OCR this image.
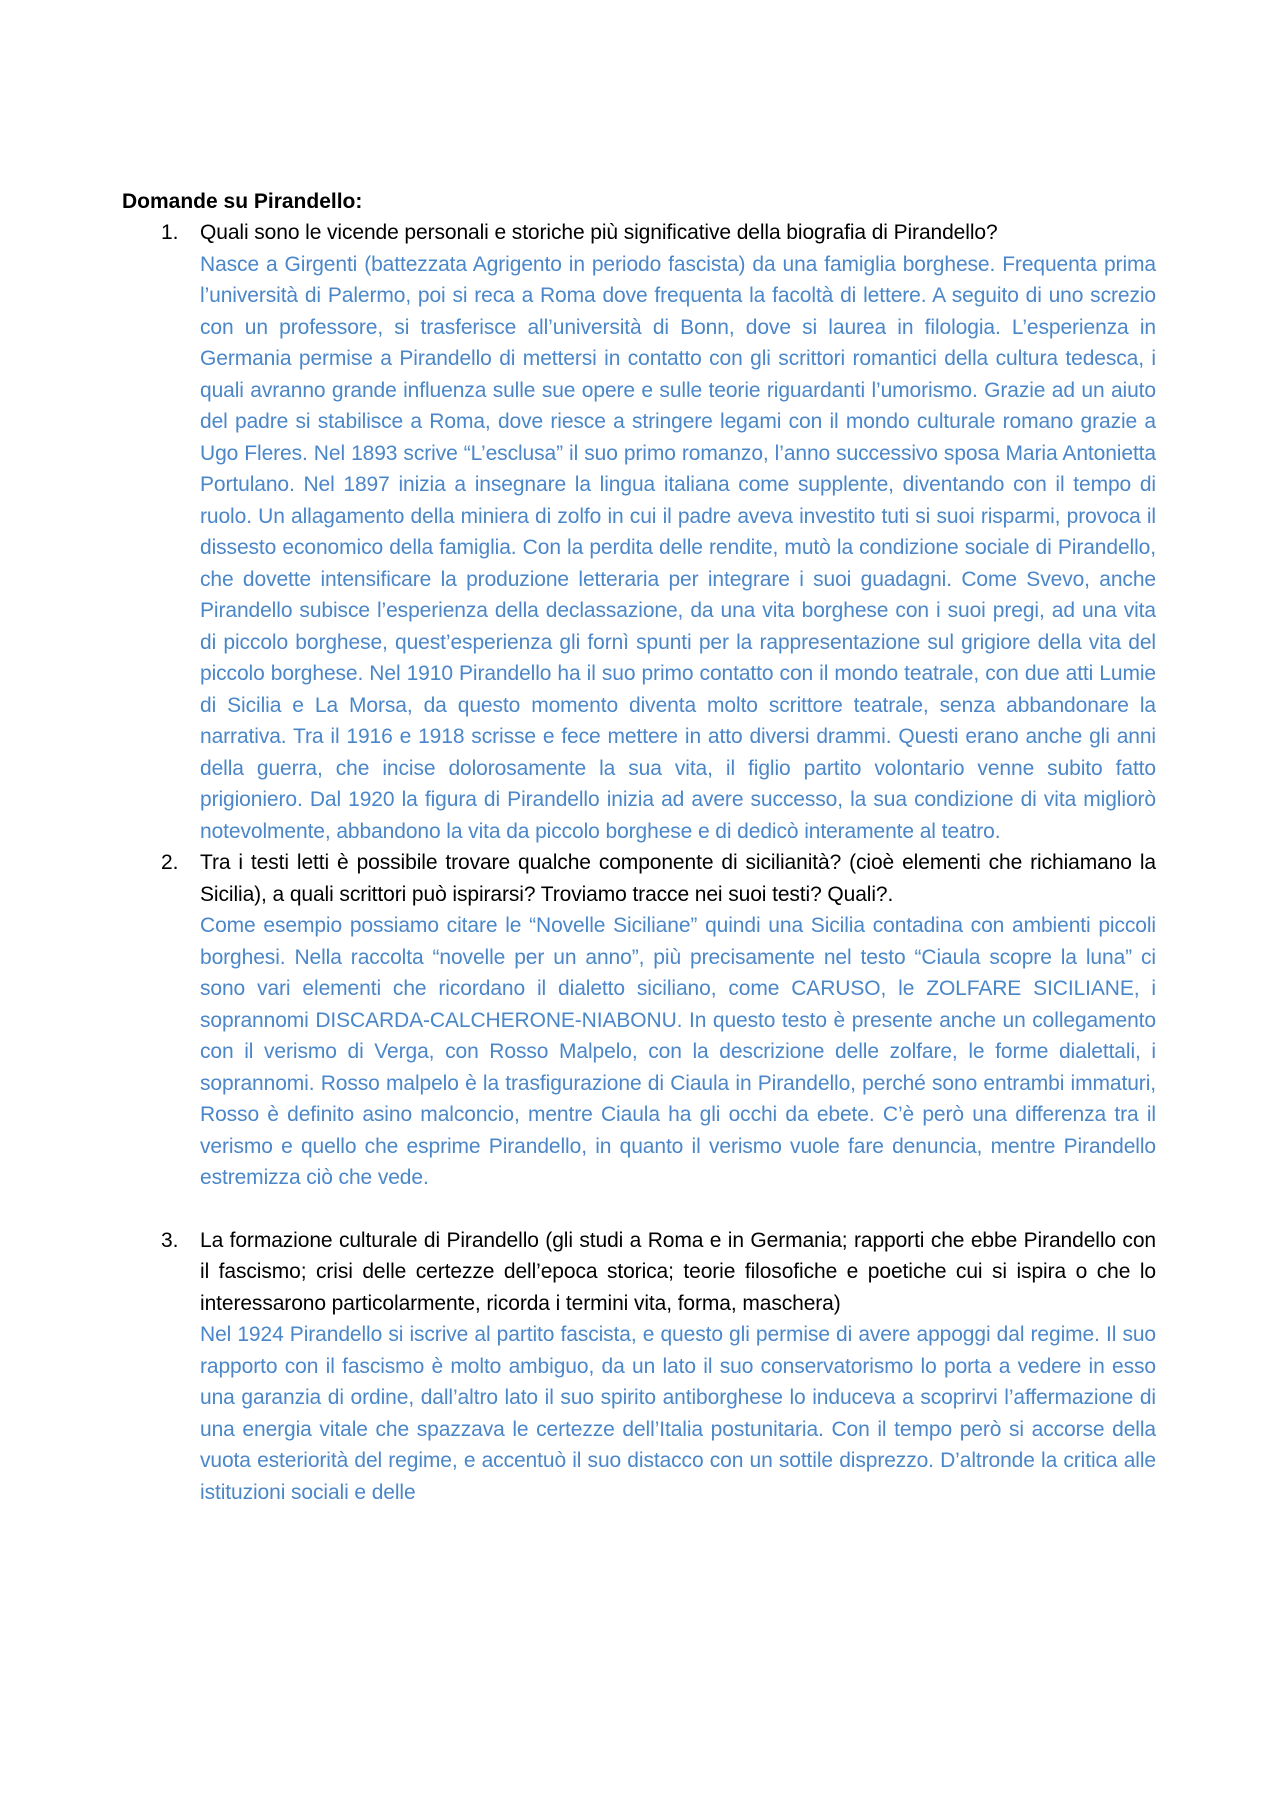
Domande su Pirandello:

1. Quali sono le vicende personali e storiche più significative della biografia di Pirandello?

Nasce a Girgenti (battezzata Agrigento in periodo fascista) da una famiglia borghese. Frequenta prima l’università di Palermo, poi si reca a Roma dove frequenta la facoltà di lettere. A seguito di uno screzio con un professore, si trasferisce all’università di Bonn, dove si laurea in filologia. L’esperienza in Germania permise a Pirandello di mettersi in contatto con gli scrittori romantici della cultura tedesca, i quali avranno grande influenza sulle sue opere e sulle teorie riguardanti l’umorismo. Grazie ad un aiuto del padre si stabilisce a Roma, dove riesce a stringere legami con il mondo culturale romano grazie a Ugo Fleres. Nel 1893 scrive “L’esclusa” il suo primo romanzo, l’anno successivo sposa Maria Antonietta Portulano. Nel 1897 inizia a insegnare la lingua italiana come supplente, diventando con il tempo di ruolo. Un allagamento della miniera di zolfo in cui il padre aveva investito tuti si suoi risparmi, provoca il dissesto economico della famiglia. Con la perdita delle rendite, mutò la condizione sociale di Pirandello, che dovette intensificare la produzione letteraria per integrare i suoi guadagni. Come Svevo, anche Pirandello subisce l’esperienza della declassazione, da una vita borghese con i suoi pregi, ad una vita di piccolo borghese, quest’esperienza gli fornì spunti per la rappresentazione sul grigiore della vita del piccolo borghese. Nel 1910 Pirandello ha il suo primo contatto con il mondo teatrale, con due atti Lumie di Sicilia e La Morsa, da questo momento diventa molto scrittore teatrale, senza abbandonare la narrativa. Tra il 1916 e 1918 scrisse e fece mettere in atto diversi drammi. Questi erano anche gli anni della guerra, che incise dolorosamente la sua vita, il figlio partito volontario venne subito fatto prigioniero. Dal 1920 la figura di Pirandello inizia ad avere successo, la sua condizione di vita migliorò notevolmente, abbandono la vita da piccolo borghese e di dedicò interamente al teatro.

2. Tra i testi letti è possibile trovare qualche componente di sicilianità? (cioè elementi che richiamano la Sicilia), a quali scrittori può ispirarsi? Troviamo tracce nei suoi testi? Quali?.

Come esempio possiamo citare le “Novelle Siciliane” quindi una Sicilia contadina con ambienti piccoli borghesi. Nella raccolta “novelle per un anno”, più precisamente nel testo “Ciaula scopre la luna” ci sono vari elementi che ricordano il dialetto siciliano, come CARUSO, le ZOLFARE SICILIANE, i soprannomi DISCARDA-CALCHERONE-NIABONU. In questo testo è presente anche un collegamento con il verismo di Verga, con Rosso Malpelo, con la descrizione delle zolfare, le forme dialettali, i soprannomi. Rosso malpelo è la trasfigurazione di Ciaula in Pirandello, perché sono entrambi immaturi, Rosso è definito asino malconcio, mentre Ciaula ha gli occhi da ebete. C’è però una differenza tra il verismo e quello che esprime Pirandello, in quanto il verismo vuole fare denuncia, mentre Pirandello estremizza ciò che vede.

3. La formazione culturale di Pirandello (gli studi a Roma e in Germania; rapporti che ebbe Pirandello con il fascismo; crisi delle certezze dell’epoca storica; teorie filosofiche e poetiche cui si ispira o che lo interessarono particolarmente, ricorda i termini vita, forma, maschera)

Nel 1924 Pirandello si iscrive al partito fascista, e questo gli permise di avere appoggi dal regime. Il suo rapporto con il fascismo è molto ambiguo, da un lato il suo conservatorismo lo porta a vedere in esso una garanzia di ordine, dall’altro lato il suo spirito antiborghese lo induceva a scoprirvi l’affermazione di una energia vitale che spazzava le certezze dell’Italia postunitaria. Con il tempo però si accorse della vuota esteriorità del regime, e accentuò il suo distacco con un sottile disprezzo. D’altronde la critica alle istituzioni sociali e delle
